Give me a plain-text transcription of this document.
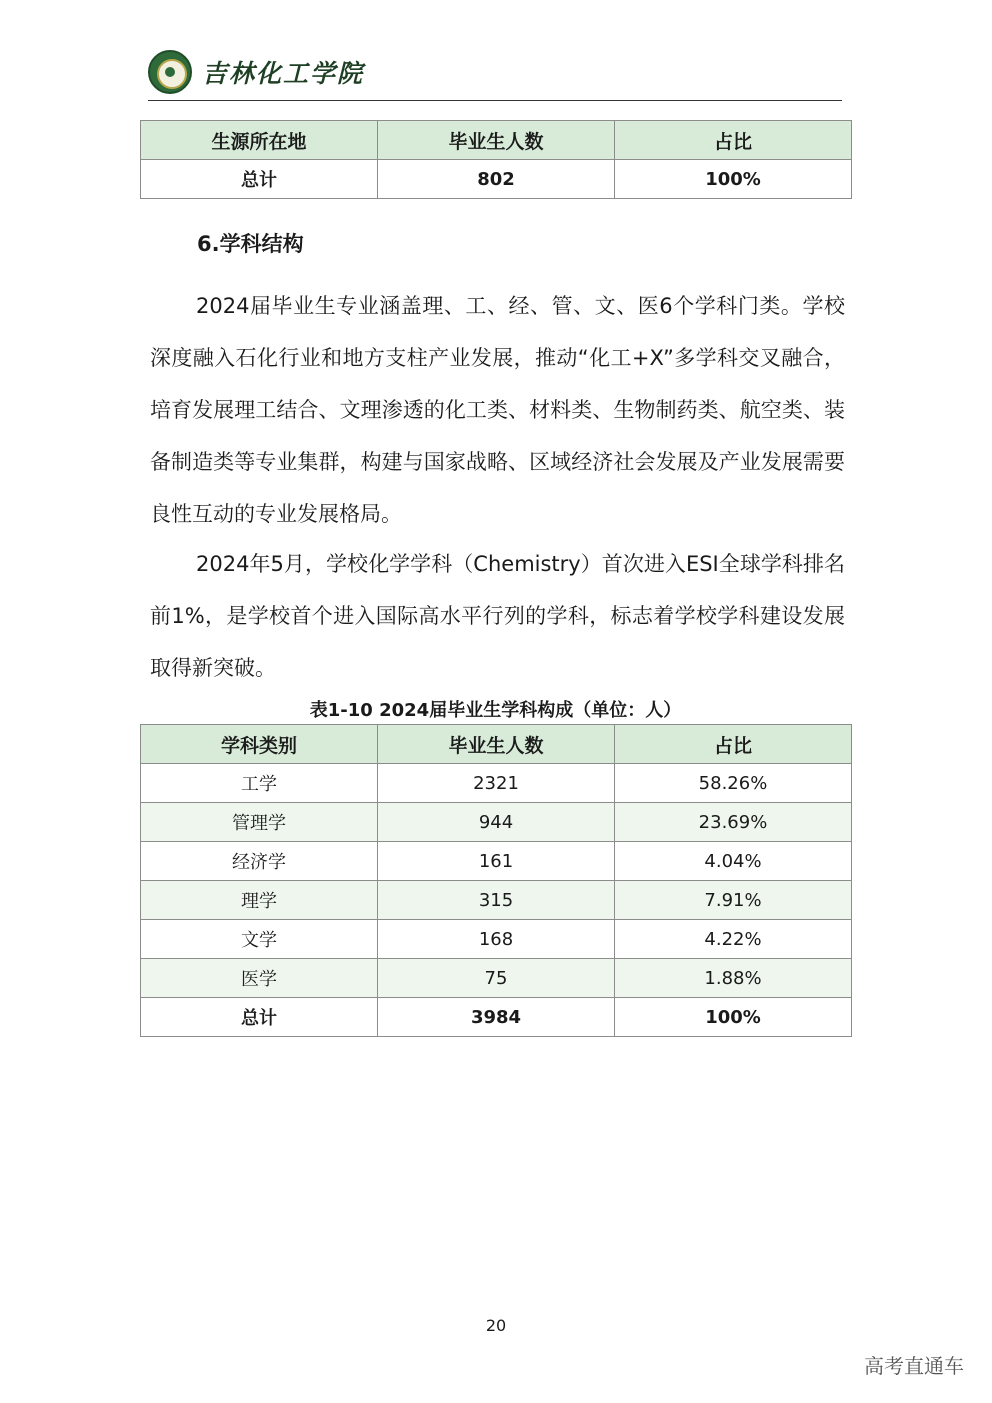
吉林化工学院
生源所在地	毕业生人数	占比
总计	802	100%
6.学科结构

2024届毕业生专业涵盖理、工、经、管、文、医6个学科门类。学校深度融入石化行业和地方支柱产业发展，推动“化工+X”多学科交叉融合，培育发展理工结合、文理渗透的化工类、材料类、生物制药类、航空类、装备制造类等专业集群，构建与国家战略、区域经济社会发展及产业发展需要良性互动的专业发展格局。

2024年5月，学校化学学科（Chemistry）首次进入ESI全球学科排名前1%，是学校首个进入国际高水平行列的学科，标志着学校学科建设发展取得新突破。

表1-10 2024届毕业生学科构成（单位：人）
学科类别	毕业生人数	占比
工学	2321	58.26%
管理学	944	23.69%
经济学	161	4.04%
理学	315	7.91%
文学	168	4.22%
医学	75	1.88%
总计	3984	100%
20
高考直通车
